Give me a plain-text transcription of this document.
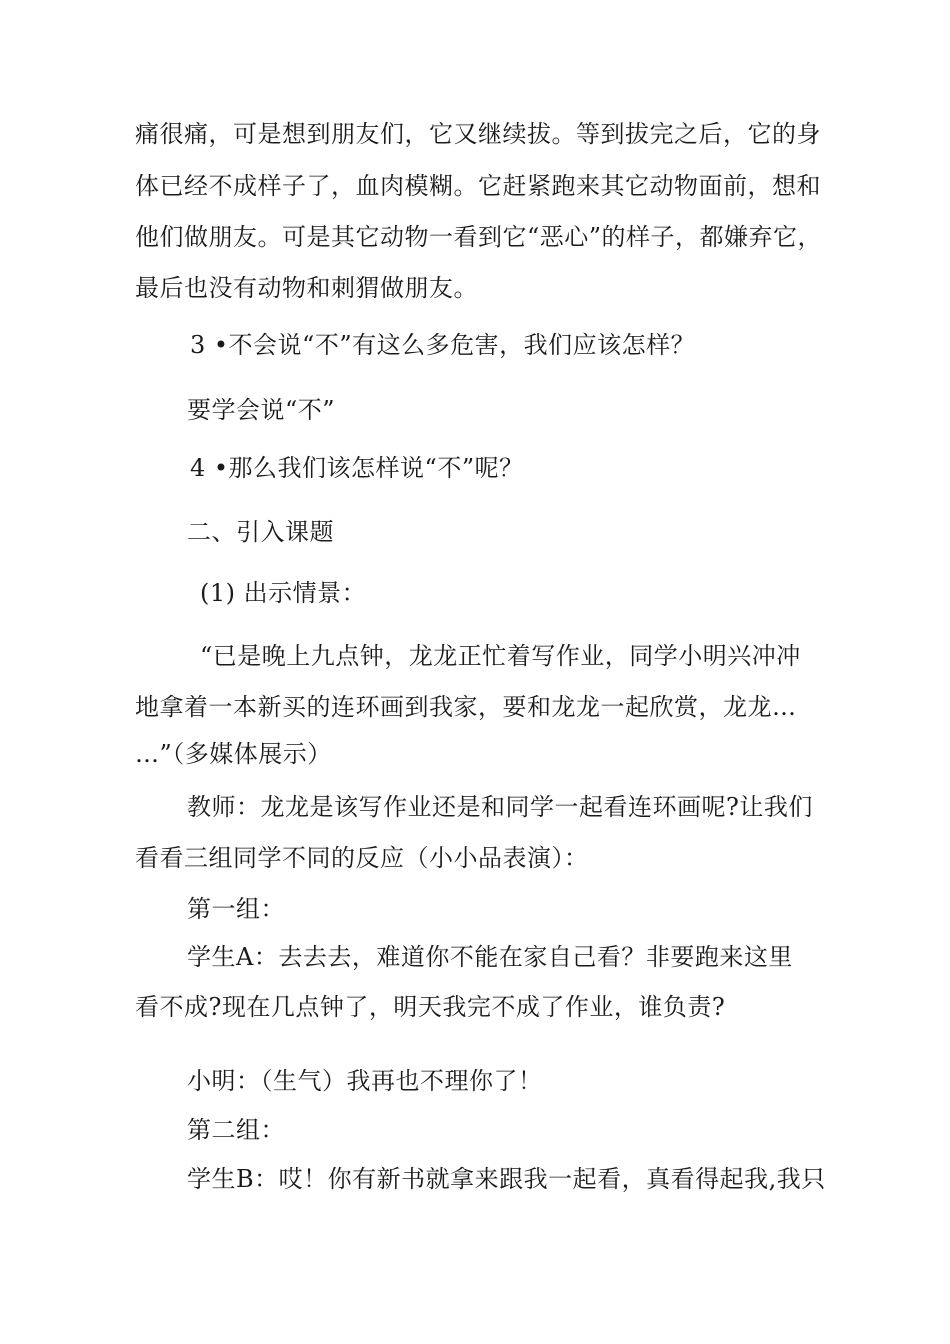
痛很痛，可是想到朋友们，它又继续拔。等到拔完之后，它的身
体已经不成样子了，血肉模糊。它赶紧跑来其它动物面前，想和
他们做朋友。可是其它动物一看到它“恶心”的样子，都嫌弃它，
最后也没有动物和刺猬做朋友。
3 •不会说“不”有这么多危害，我们应该怎样？
要学会说“不”
4 •那么我们该怎样说“不”呢？
二、引入课题
(1) 出示情景：
“已是晚上九点钟，龙龙正忙着写作业，同学小明兴冲冲
地拿着一本新买的连环画到我家，要和龙龙一起欣赏，龙龙…
…”（多媒体展示）
教师：龙龙是该写作业还是和同学一起看连环画呢?让我们
看看三组同学不同的反应（小小品表演）：
第一组：
学生A：去去去，难道你不能在家自己看？非要跑来这里
看不成?现在几点钟了，明天我完不成了作业，谁负责?
小明：（生气）我再也不理你了！
第二组：
学生B：哎！你有新书就拿来跟我一起看，真看得起我,我只
